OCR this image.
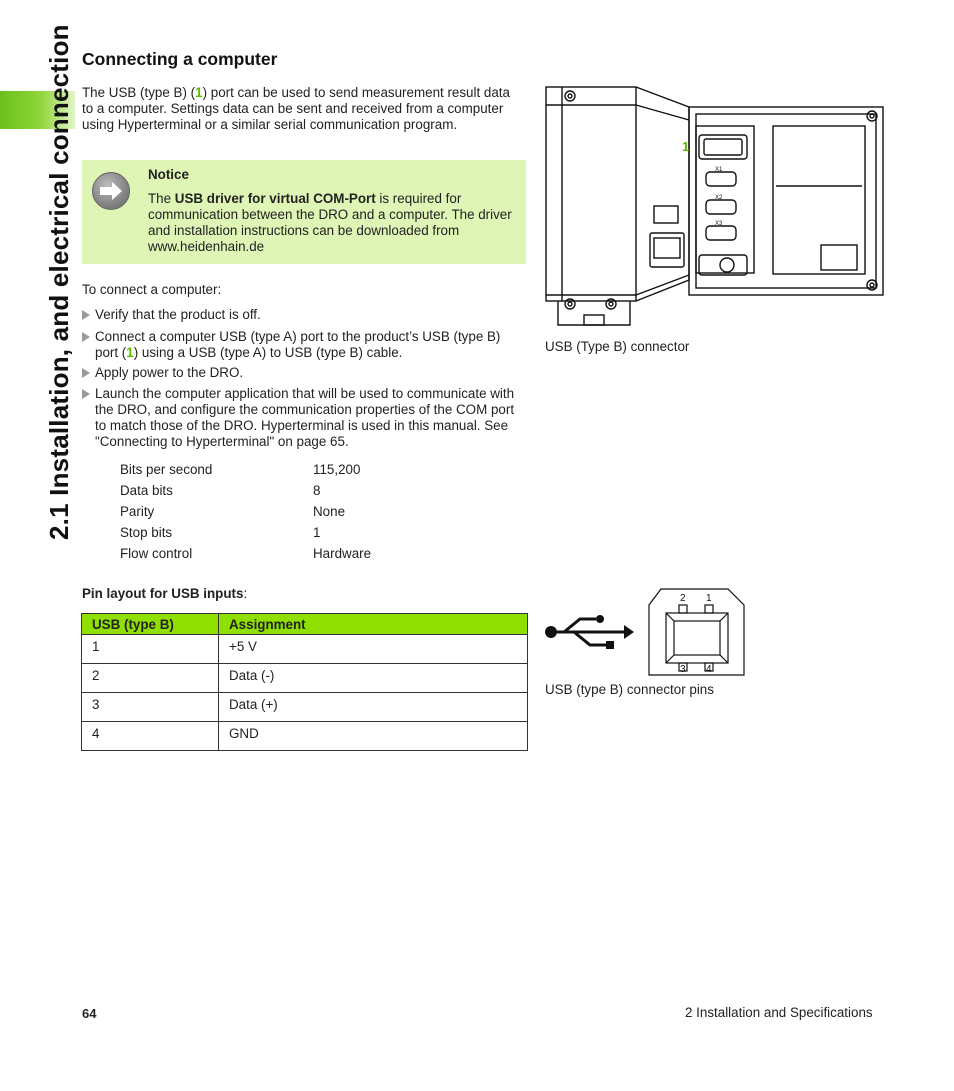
2.1 Installation, and electrical connection Connecting a computer

The USB (type B) (1) port can be used to send measurement result data to a computer. Settings data can be sent and received from a computer using Hyperterminal or a similar serial communication program.

Notice

The USB driver for virtual COM-Port is required for communication between the DRO and a computer. The driver and installation instructions can be downloaded from www.heidenhain.de

To connect a computer:

Verify that the product is off.

Connect a computer USB (type A) port to the product’s USB (type B) port (1) using a USB (type A) to USB (type B) cable.

Apply power to the DRO.

Launch the computer application that will be used to communicate with the DRO, and configure the communication properties of the COM port to match those of the DRO. Hyperterminal is used in this manual. See "Connecting to Hyperterminal" on page 65.

Bits per second	115,200
Data bits	8
Parity	None
Stop bits	1
Flow control	Hardware
Pin layout for USB inputs:
USB (type B)	Assignment
1	+5 V
2	Data (-)
3	Data (+)
4	GND
X1
X2
X3
1
USB (Type B) connector
2 1
3 4
USB (type B) connector pins
64	2 Installation and Specifications
